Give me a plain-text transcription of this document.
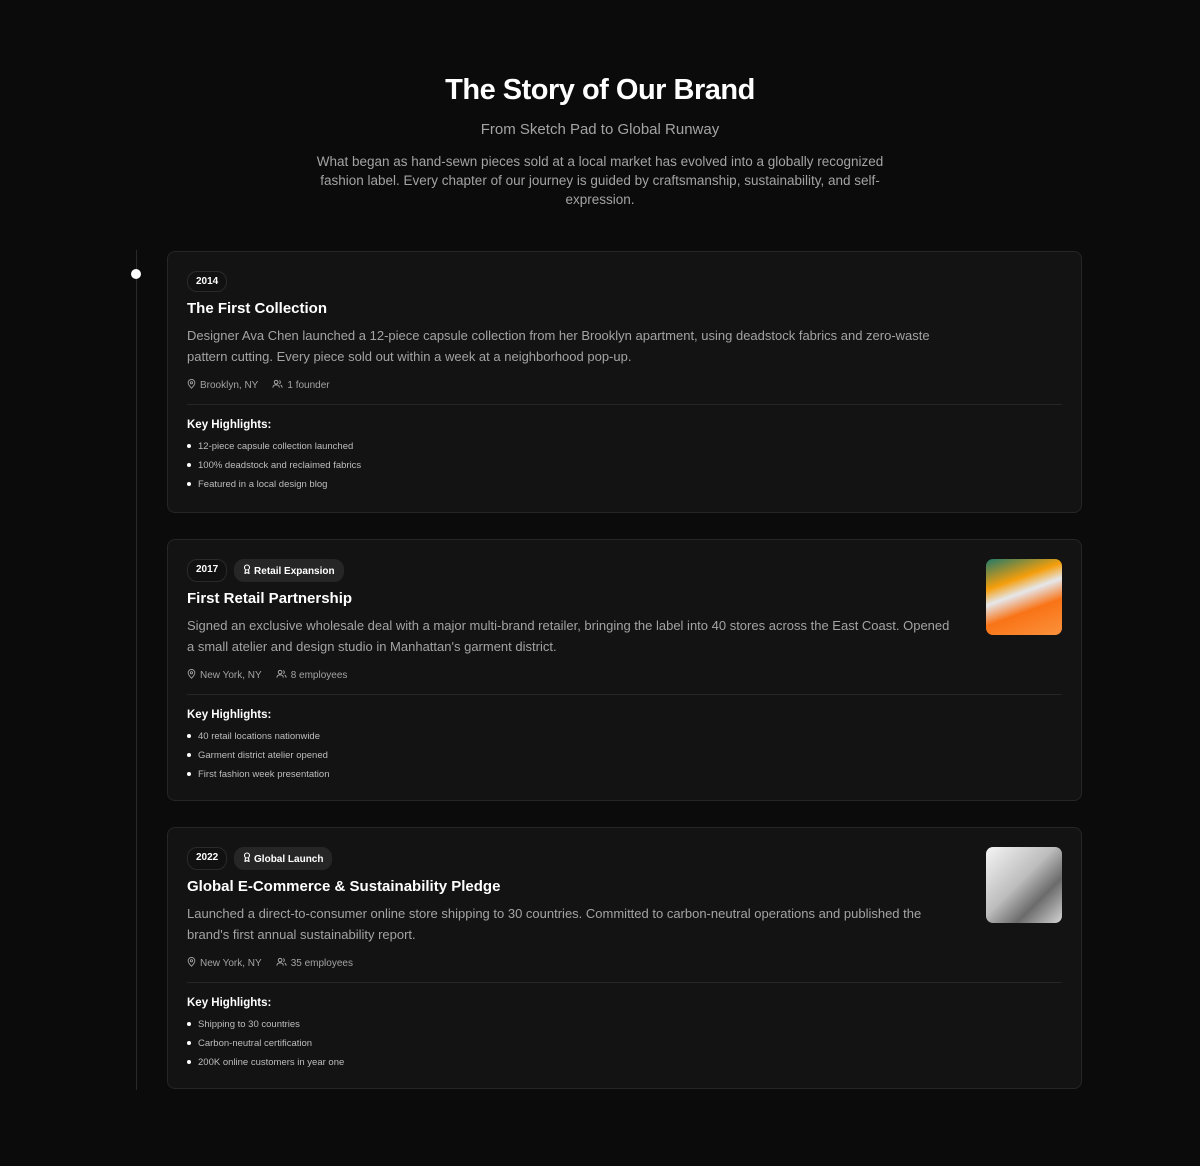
The Story of Our Brand
From Sketch Pad to Global Runway

What began as hand-sewn pieces sold at a local market has evolved into a globally recognized fashion label. Every chapter of our journey is guided by craftsmanship, sustainability, and self-expression.

2014
The First Collection
Designer Ava Chen launched a 12-piece capsule collection from her Brooklyn apartment, using deadstock fabrics and zero-waste pattern cutting. Every piece sold out within a week at a neighborhood pop-up.
Brooklyn, NY	1 founder
Key Highlights:
12-piece capsule collection launched
100% deadstock and reclaimed fabrics
Featured in a local design blog
2017	Retail Expansion
First Retail Partnership
Signed an exclusive wholesale deal with a major multi-brand retailer, bringing the label into 40 stores across the East Coast. Opened a small atelier and design studio in Manhattan's garment district.
New York, NY	8 employees
Key Highlights:
40 retail locations nationwide
Garment district atelier opened
First fashion week presentation
2022	Global Launch
Global E-Commerce & Sustainability Pledge
Launched a direct-to-consumer online store shipping to 30 countries. Committed to carbon-neutral operations and published the brand's first annual sustainability report.
New York, NY	35 employees
Key Highlights:
Shipping to 30 countries
Carbon-neutral certification
200K online customers in year one
